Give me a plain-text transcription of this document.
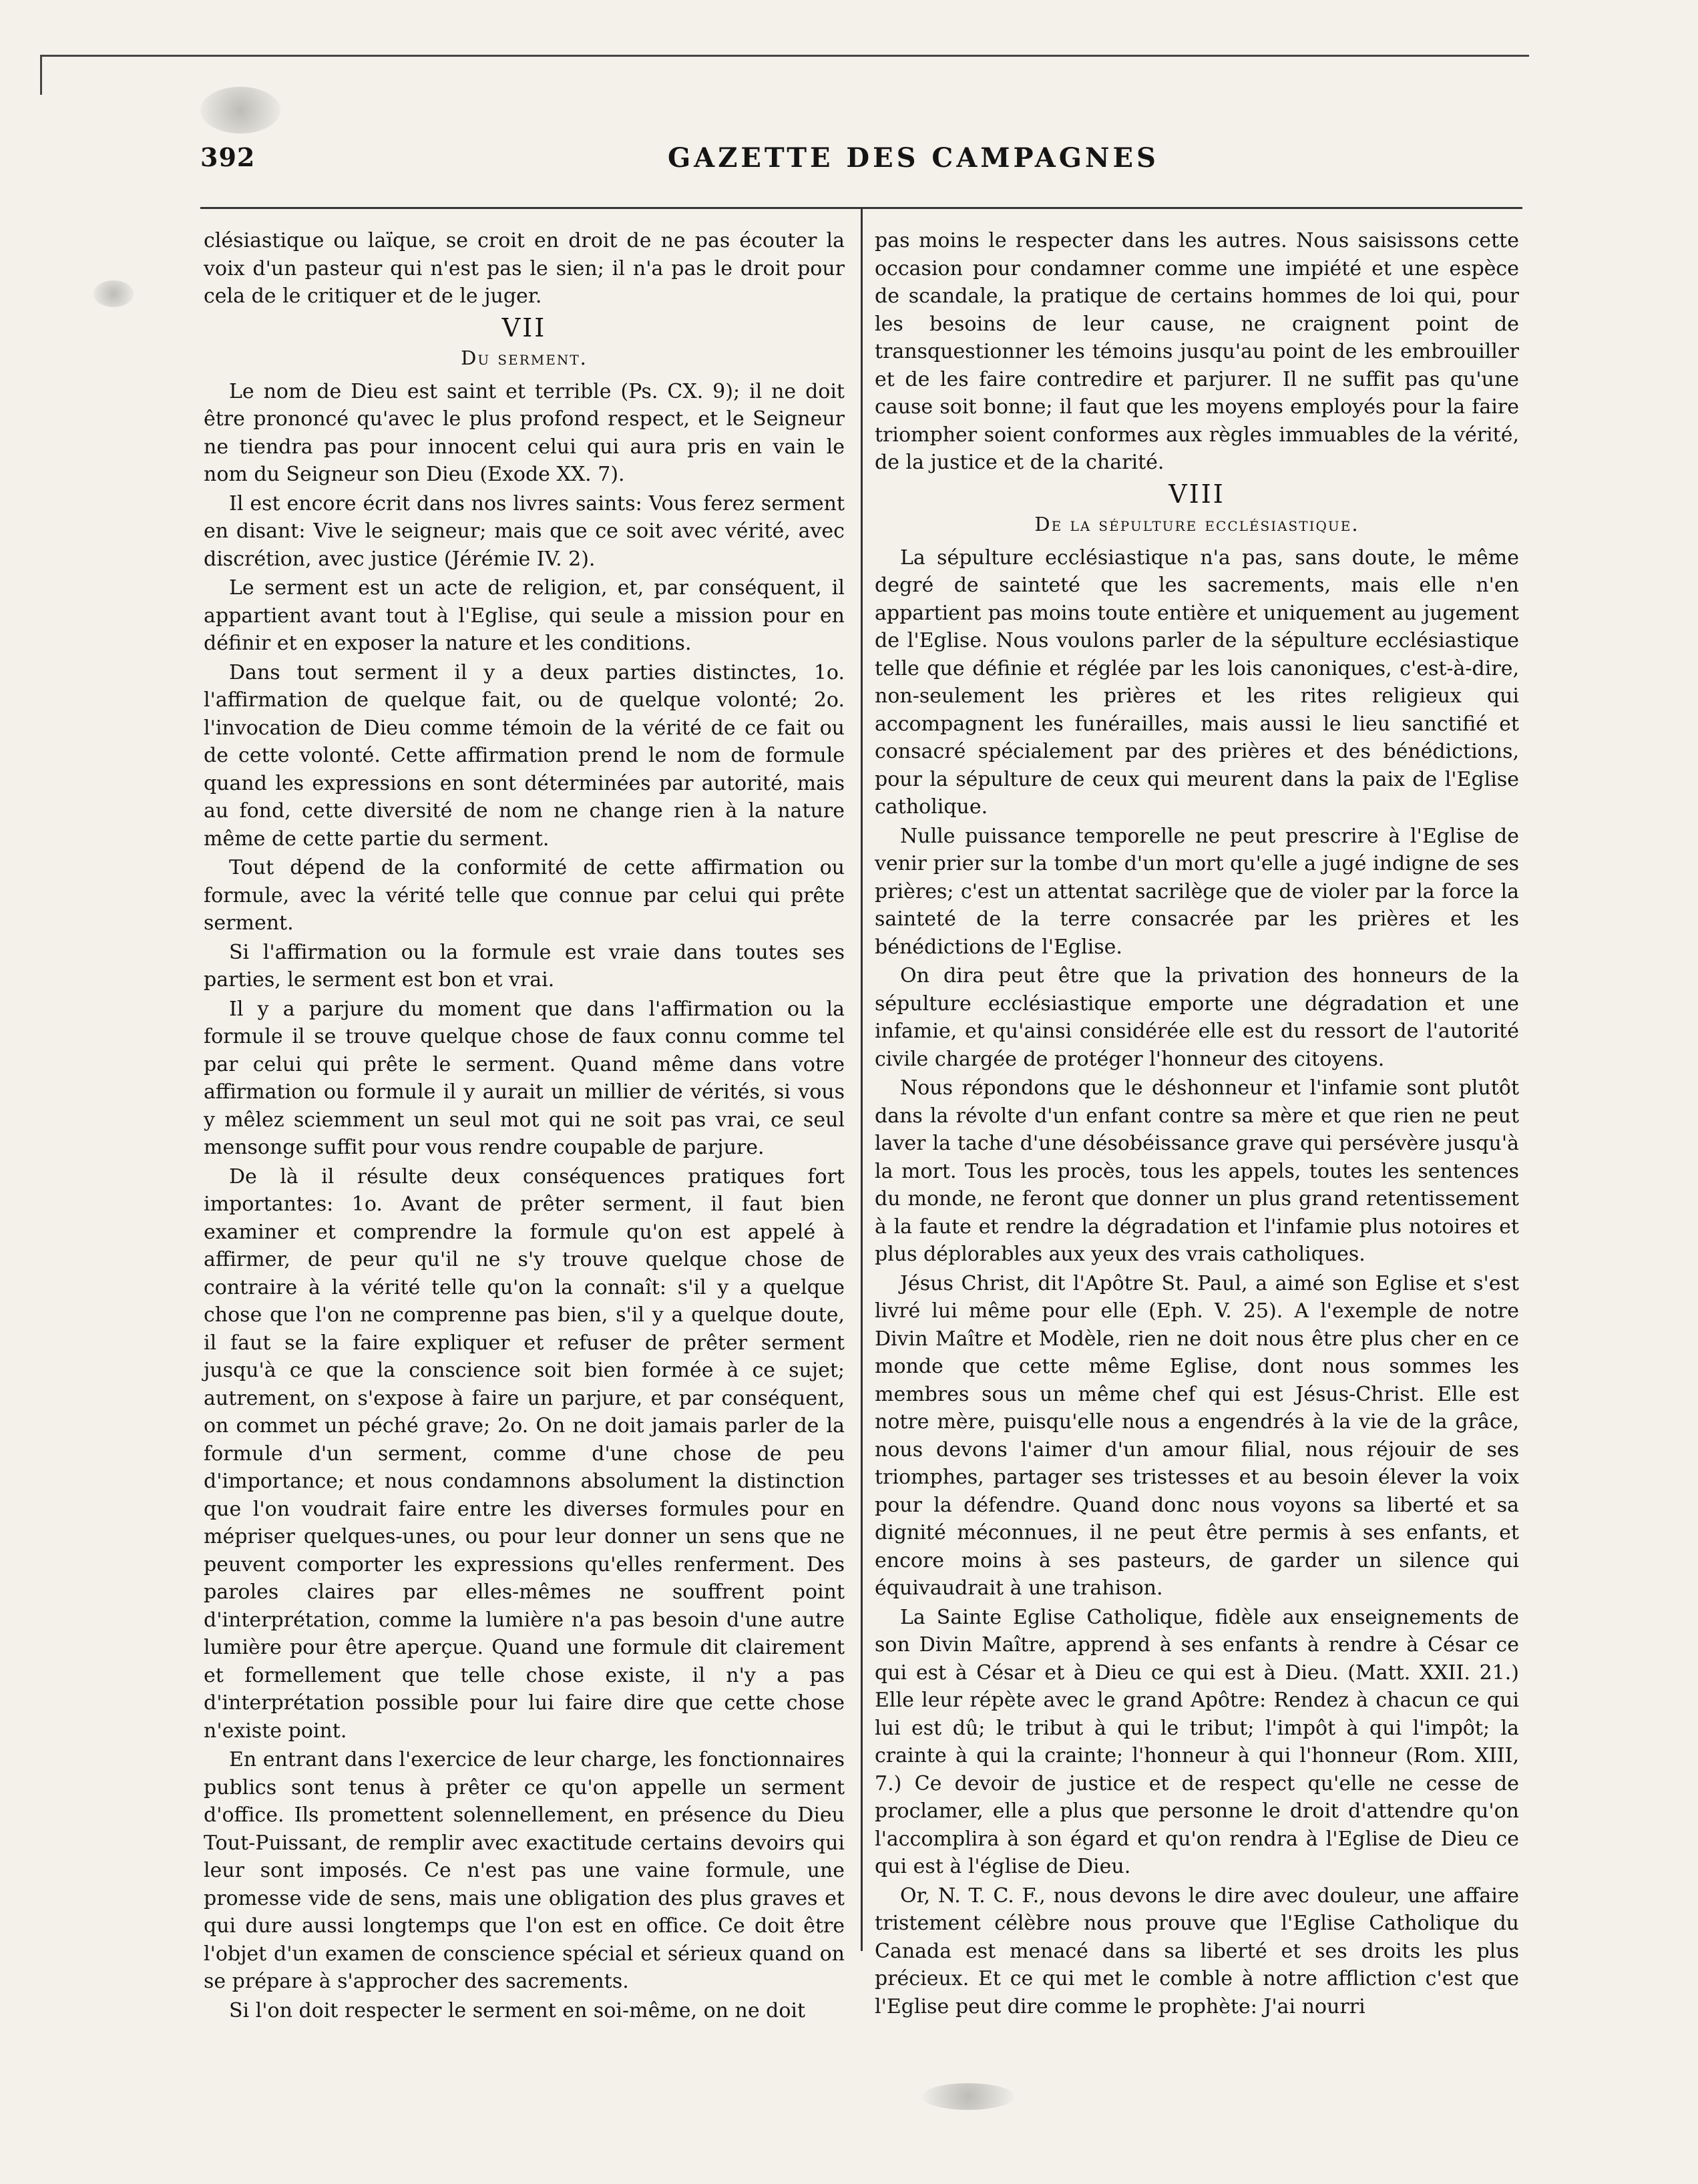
392	GAZETTE DES CAMPAGNES

clésiastique ou laïque, se croit en droit de ne pas écouter la voix d'un pasteur qui n'est pas le sien; il n'a pas le droit pour cela de le critiquer et de le juger.

VII
Du serment.

Le nom de Dieu est saint et terrible (Ps. CX. 9); il ne doit être prononcé qu'avec le plus profond respect, et le Seigneur ne tiendra pas pour innocent celui qui aura pris en vain le nom du Seigneur son Dieu (Exode XX. 7).

Il est encore écrit dans nos livres saints: Vous ferez serment en disant: Vive le seigneur; mais que ce soit avec vérité, avec discrétion, avec justice (Jérémie IV. 2).

Le serment est un acte de religion, et, par conséquent, il appartient avant tout à l'Eglise, qui seule a mission pour en définir et en exposer la nature et les conditions.

Dans tout serment il y a deux parties distinctes, 1o. l'affirmation de quelque fait, ou de quelque volonté; 2o. l'invocation de Dieu comme témoin de la vérité de ce fait ou de cette volonté. Cette affirmation prend le nom de formule quand les expressions en sont déterminées par autorité, mais au fond, cette diversité de nom ne change rien à la nature même de cette partie du serment.

Tout dépend de la conformité de cette affirmation ou formule, avec la vérité telle que connue par celui qui prête serment.

Si l'affirmation ou la formule est vraie dans toutes ses parties, le serment est bon et vrai.

Il y a parjure du moment que dans l'affirmation ou la formule il se trouve quelque chose de faux connu comme tel par celui qui prête le serment. Quand même dans votre affirmation ou formule il y aurait un millier de vérités, si vous y mêlez sciemment un seul mot qui ne soit pas vrai, ce seul mensonge suffit pour vous rendre coupable de parjure.

De là il résulte deux conséquences pratiques fort importantes: 1o. Avant de prêter serment, il faut bien examiner et comprendre la formule qu'on est appelé à affirmer, de peur qu'il ne s'y trouve quelque chose de contraire à la vérité telle qu'on la connaît: s'il y a quelque chose que l'on ne comprenne pas bien, s'il y a quelque doute, il faut se la faire expliquer et refuser de prêter serment jusqu'à ce que la conscience soit bien formée à ce sujet; autrement, on s'expose à faire un parjure, et par conséquent, on commet un péché grave; 2o. On ne doit jamais parler de la formule d'un serment, comme d'une chose de peu d'importance; et nous condamnons absolument la distinction que l'on voudrait faire entre les diverses formules pour en mépriser quelques-unes, ou pour leur donner un sens que ne peuvent comporter les expressions qu'elles renferment. Des paroles claires par elles-mêmes ne souffrent point d'interprétation, comme la lumière n'a pas besoin d'une autre lumière pour être aperçue. Quand une formule dit clairement et formellement que telle chose existe, il n'y a pas d'interprétation possible pour lui faire dire que cette chose n'existe point.

En entrant dans l'exercice de leur charge, les fonctionnaires publics sont tenus à prêter ce qu'on appelle un serment d'office. Ils promettent solennellement, en présence du Dieu Tout-Puissant, de remplir avec exactitude certains devoirs qui leur sont imposés. Ce n'est pas une vaine formule, une promesse vide de sens, mais une obligation des plus graves et qui dure aussi longtemps que l'on est en office. Ce doit être l'objet d'un examen de conscience spécial et sérieux quand on se prépare à s'approcher des sacrements.

Si l'on doit respecter le serment en soi-même, on ne doit

pas moins le respecter dans les autres. Nous saisissons cette occasion pour condamner comme une impiété et une espèce de scandale, la pratique de certains hommes de loi qui, pour les besoins de leur cause, ne craignent point de transquestionner les témoins jusqu'au point de les embrouiller et de les faire contredire et parjurer. Il ne suffit pas qu'une cause soit bonne; il faut que les moyens employés pour la faire triompher soient conformes aux règles immuables de la vérité, de la justice et de la charité.

VIII
De la sépulture ecclésiastique.

La sépulture ecclésiastique n'a pas, sans doute, le même degré de sainteté que les sacrements, mais elle n'en appartient pas moins toute entière et uniquement au jugement de l'Eglise. Nous voulons parler de la sépulture ecclésiastique telle que définie et réglée par les lois canoniques, c'est-à-dire, non-seulement les prières et les rites religieux qui accompagnent les funérailles, mais aussi le lieu sanctifié et consacré spécialement par des prières et des bénédictions, pour la sépulture de ceux qui meurent dans la paix de l'Eglise catholique.

Nulle puissance temporelle ne peut prescrire à l'Eglise de venir prier sur la tombe d'un mort qu'elle a jugé indigne de ses prières; c'est un attentat sacrilège que de violer par la force la sainteté de la terre consacrée par les prières et les bénédictions de l'Eglise.

On dira peut être que la privation des honneurs de la sépulture ecclésiastique emporte une dégradation et une infamie, et qu'ainsi considérée elle est du ressort de l'autorité civile chargée de protéger l'honneur des citoyens.

Nous répondons que le déshonneur et l'infamie sont plutôt dans la révolte d'un enfant contre sa mère et que rien ne peut laver la tache d'une désobéissance grave qui persévère jusqu'à la mort. Tous les procès, tous les appels, toutes les sentences du monde, ne feront que donner un plus grand retentissement à la faute et rendre la dégradation et l'infamie plus notoires et plus déplorables aux yeux des vrais catholiques.

Jésus Christ, dit l'Apôtre St. Paul, a aimé son Eglise et s'est livré lui même pour elle (Eph. V. 25). A l'exemple de notre Divin Maître et Modèle, rien ne doit nous être plus cher en ce monde que cette même Eglise, dont nous sommes les membres sous un même chef qui est Jésus-Christ. Elle est notre mère, puisqu'elle nous a engendrés à la vie de la grâce, nous devons l'aimer d'un amour filial, nous réjouir de ses triomphes, partager ses tristesses et au besoin élever la voix pour la défendre. Quand donc nous voyons sa liberté et sa dignité méconnues, il ne peut être permis à ses enfants, et encore moins à ses pasteurs, de garder un silence qui équivaudrait à une trahison.

La Sainte Eglise Catholique, fidèle aux enseignements de son Divin Maître, apprend à ses enfants à rendre à César ce qui est à César et à Dieu ce qui est à Dieu. (Matt. XXII. 21.) Elle leur répète avec le grand Apôtre: Rendez à chacun ce qui lui est dû; le tribut à qui le tribut; l'impôt à qui l'impôt; la crainte à qui la crainte; l'honneur à qui l'honneur (Rom. XIII, 7.) Ce devoir de justice et de respect qu'elle ne cesse de proclamer, elle a plus que personne le droit d'attendre qu'on l'accomplira à son égard et qu'on rendra à l'Eglise de Dieu ce qui est à l'église de Dieu.

Or, N. T. C. F., nous devons le dire avec douleur, une affaire tristement célèbre nous prouve que l'Eglise Catholique du Canada est menacé dans sa liberté et ses droits les plus précieux. Et ce qui met le comble à notre affliction c'est que l'Eglise peut dire comme le prophète: J'ai nourri
